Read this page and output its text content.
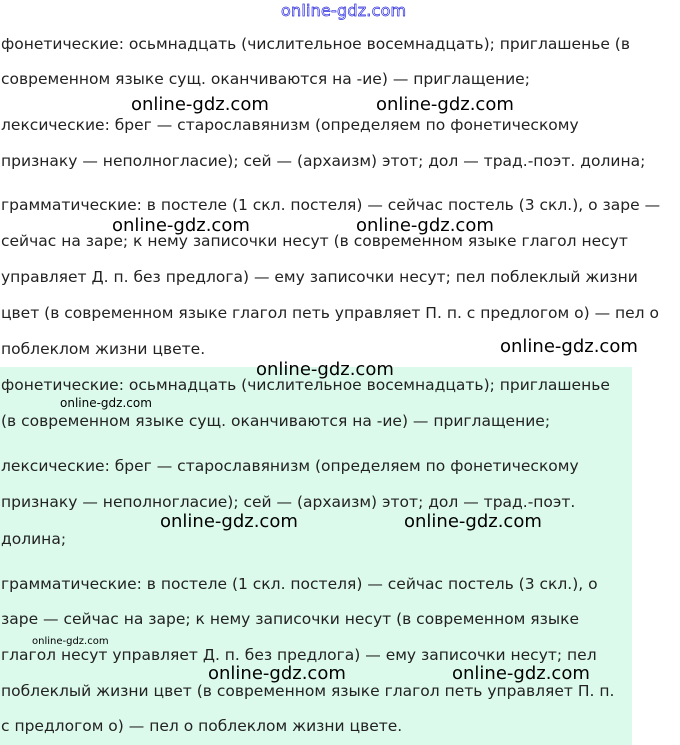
online-gdz.com
фонетические: осьмнадцать (числительное восемнадцать); приглашенье (в
современном языке сущ. оканчиваются на -ие) — приглащение;
лексические: брег — старославянизм (определяем по фонетическому
признаку — неполногласие); сей — (архаизм) этот; дол — трад.-поэт. долина;
грамматические: в постеле (1 скл. постеля) — сейчас постель (3 скл.), о заре —
сейчас на заре; к нему записочки несут (в современном языке глагол несут
управляет Д. п. без предлога) — ему записочки несут; пел поблеклый жизни
цвет (в современном языке глагол петь управляет П. п. с предлогом о) — пел о
поблеклом жизни цвете.
фонетические: осьмнадцать (числительное восемнадцать); приглашенье
(в современном языке сущ. оканчиваются на -ие) — приглащение;
лексические: брег — старославянизм (определяем по фонетическому
признаку — неполногласие); сей — (архаизм) этот; дол — трад.-поэт.
долина;
грамматические: в постеле (1 скл. постеля) — сейчас постель (3 скл.), о
заре — сейчас на заре; к нему записочки несут (в современном языке
глагол несут управляет Д. п. без предлога) — ему записочки несут; пел
поблеклый жизни цвет (в современном языке глагол петь управляет П. п.
с предлогом о) — пел о поблеклом жизни цвете.
online-gdz.com	online-gdz.com
online-gdz.com	online-gdz.com
online-gdz.com
online-gdz.com
online-gdz.com
online-gdz.com	online-gdz.com
online-gdz.com
online-gdz.com	online-gdz.com
